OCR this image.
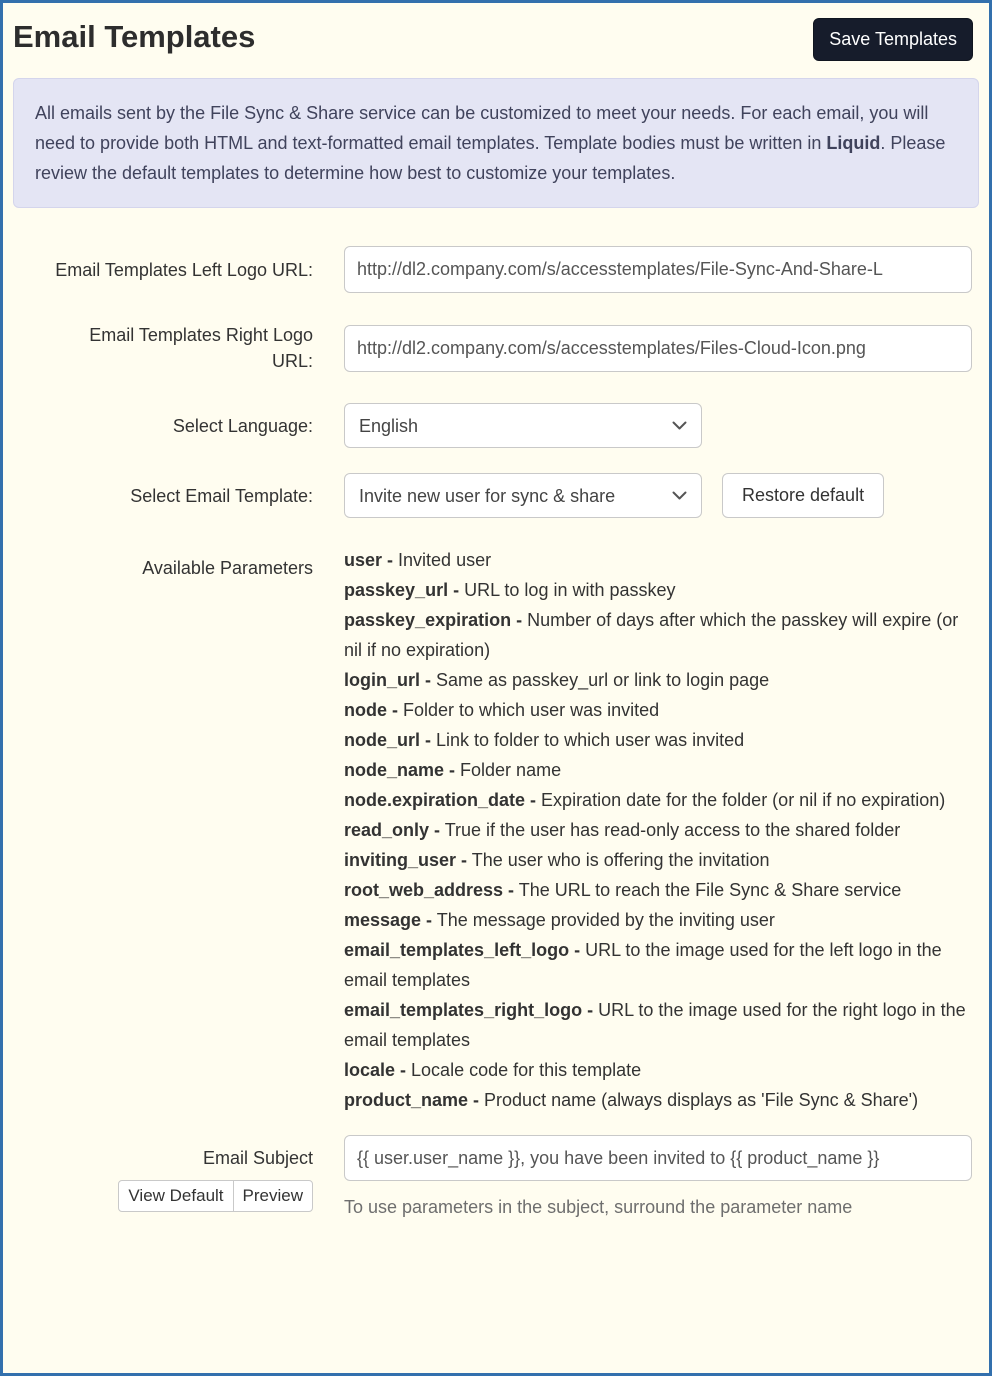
Email Templates	Save Templates
All emails sent by the File Sync & Share service can be customized to meet your needs. For each email, you will need to provide both HTML and text-formatted email templates. Template bodies must be written in Liquid. Please review the default templates to determine how best to customize your templates.
Email Templates Left Logo URL:
http://dl2.company.com/s/accesstemplates/File-Sync-And-Share-L
Email Templates Right Logo URL:
http://dl2.company.com/s/accesstemplates/Files-Cloud-Icon.png
Select Language:
English
Select Email Template:
Invite new user for sync & share	Restore default
Available Parameters user - Invited user
passkey_url - URL to log in with passkey
passkey_expiration - Number of days after which the passkey will expire (or nil if no expiration)
login_url - Same as passkey_url or link to login page
node - Folder to which user was invited
node_url - Link to folder to which user was invited
node_name - Folder name
node.expiration_date - Expiration date for the folder (or nil if no expiration)
read_only - True if the user has read-only access to the shared folder
inviting_user - The user who is offering the invitation
root_web_address - The URL to reach the File Sync & Share service
message - The message provided by the inviting user
email_templates_left_logo - URL to the image used for the left logo in the email templates
email_templates_right_logo - URL to the image used for the right logo in the email templates
locale - Locale code for this template
product_name - Product name (always displays as 'File Sync & Share')
Email Subject
View Default	Preview
{{ user.user_name }}, you have been invited to {{ product_name }}
To use parameters in the subject, surround the parameter name
